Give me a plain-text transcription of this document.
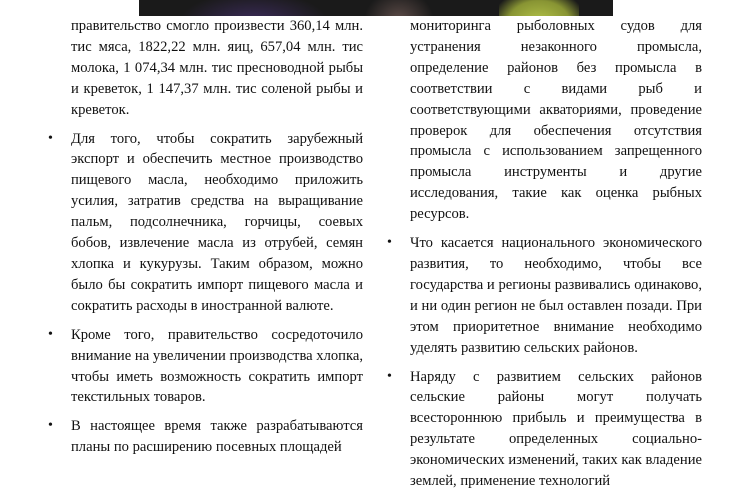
правительство смогло произвести 360,14 млн. тис мяса, 1822,22 млн. яиц, 657,04 млн. тис молока, 1 074,34 млн. тис пресноводной рыбы и креветок, 1 147,37 млн. тис соленой рыбы и креветок.

• Для того, чтобы сократить зарубежный экспорт и обеспечить местное производство пищевого масла, необходимо приложить усилия, затратив средства на выращивание пальм, подсолнечника, горчицы, соевых бобов, извлечение масла из отрубей, семян хлопка и кукурузы. Таким образом, можно было бы сократить импорт пищевого масла и сократить расходы в иностранной валюте.
• Кроме того, правительство сосредоточило внимание на увеличении производства хлопка, чтобы иметь возможность сократить импорт текстильных товаров.
• В настоящее время также разрабатываются планы по расширению посевных площадей

мониторинга рыболовных судов для устранения незаконного промысла, определение районов без промысла в соответствии с видами рыб и соответствующими акваториями, проведение проверок для обеспечения отсутствия промысла с использованием запрещенного промысла инструменты и другие исследования, такие как оценка рыбных ресурсов.

• Что касается национального экономического развития, то необходимо, чтобы все государства и регионы развивались одинаково, и ни один регион не был оставлен позади. При этом приоритетное внимание необходимо уделять развитию сельских районов.
• Наряду с развитием сельских районов сельские районы могут получать всестороннюю прибыль и преимущества в результате определенных социально-экономических изменений, таких как владение землей, применение технологий
